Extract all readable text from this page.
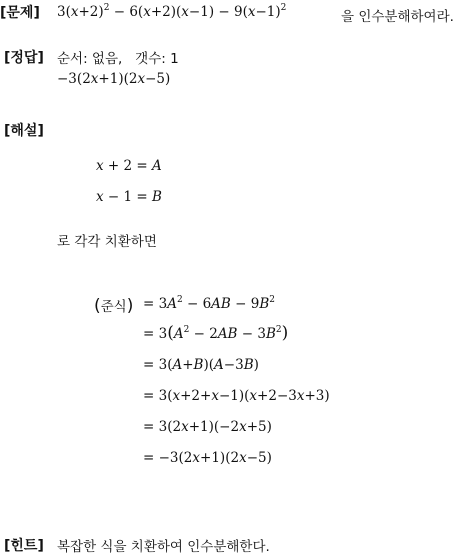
[문제] $3(x+2)^2 - 6(x+2)(x-1) - 9(x-1)^2$
을 인수분해하여라.
[정답] 순서: 없음,   갯수: 1
−3(2x+1)(2x−5)
[해설]
x + 2 = A
x − 1 = B
로 각각 치환하면
(준식) = $3A^2 - 6AB - 9B^2$
= $3(A^2 - 2AB - 3B^2)$
= 3(A+B)(A−3B)
= 3(x+2+x−1)(x+2−3x+3)
= 3(2x+1)(−2x+5)
= −3(2x+1)(2x−5)
[힌트] 복잡한 식을 치환하여 인수분해한다.
